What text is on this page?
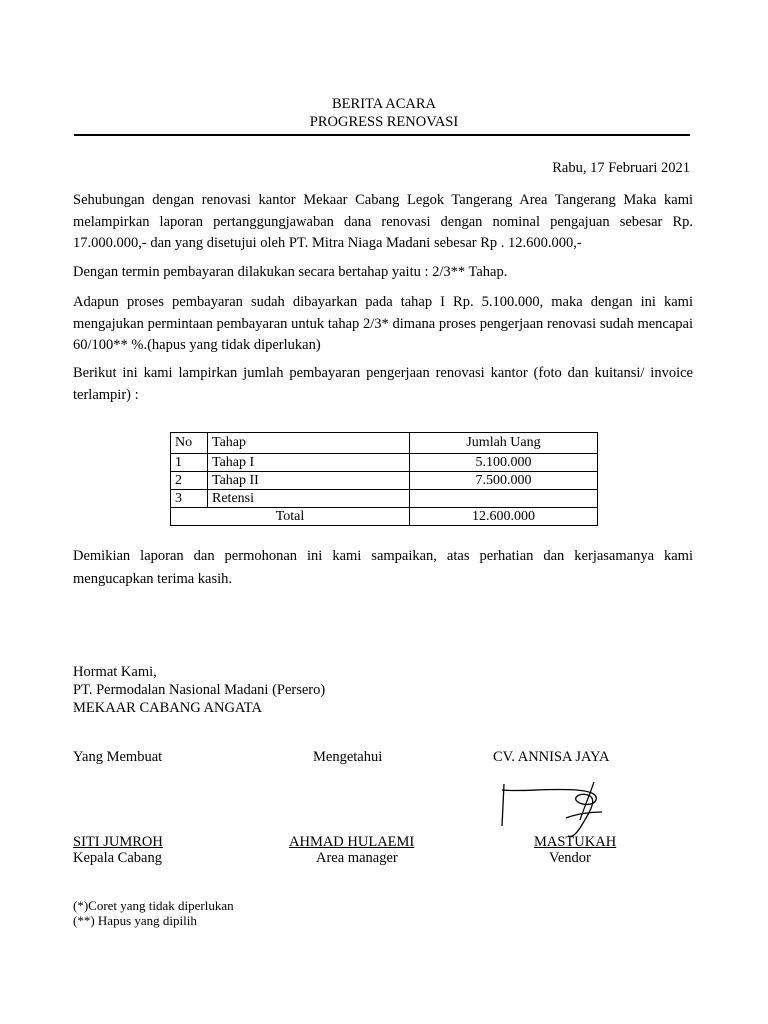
BERITA ACARA
PROGRESS RENOVASI
Rabu, 17 Februari 2021
Sehubungan dengan renovasi kantor Mekaar Cabang Legok Tangerang Area Tangerang Maka kami melampirkan laporan pertanggungjawaban dana renovasi dengan nominal pengajuan sebesar Rp. 17.000.000,- dan yang disetujui oleh PT. Mitra Niaga Madani sebesar Rp . 12.600.000,-
Dengan termin pembayaran dilakukan secara bertahap yaitu : 2/3** Tahap.
Adapun proses pembayaran sudah dibayarkan pada tahap I Rp. 5.100.000, maka dengan ini kami mengajukan permintaan pembayaran untuk tahap 2/3* dimana proses pengerjaan renovasi sudah mencapai 60/100** %.(hapus yang tidak diperlukan)
Berikut ini kami lampirkan jumlah pembayaran pengerjaan renovasi kantor (foto dan kuitansi/ invoice terlampir) :
No	Tahap	Jumlah Uang
1	Tahap I	5.100.000
2	Tahap II	7.500.000
3	Retensi	
Total		12.600.000
Demikian laporan dan permohonan ini kami sampaikan, atas perhatian dan kerjasamanya kami mengucapkan terima kasih.
Hormat Kami,
PT. Permodalan Nasional Madani (Persero)
MEKAAR CABANG ANGATA
Yang Membuat	Mengetahui	CV. ANNISA JAYA
SITI JUMROH	AHMAD HULAEMI	MASTUKAH
Kepala Cabang	Area manager	Vendor
(*)Coret yang tidak diperlukan
(**) Hapus yang dipilih
